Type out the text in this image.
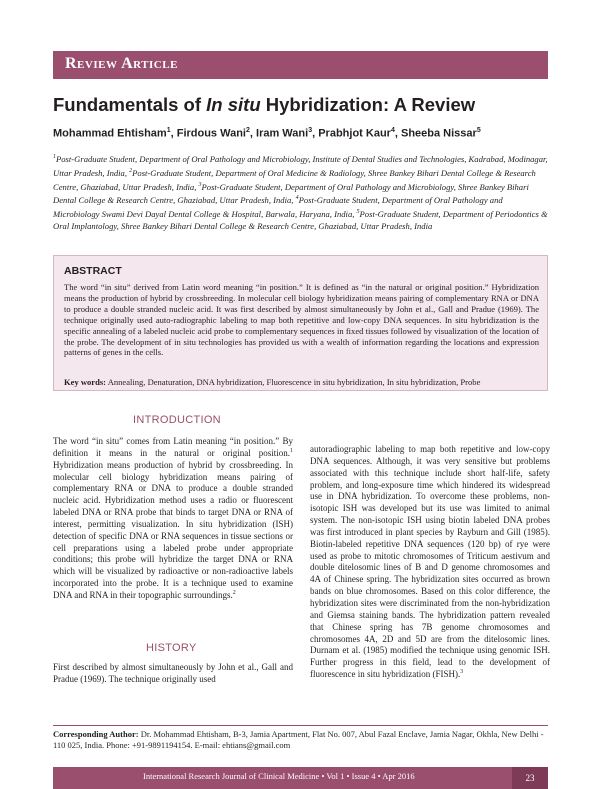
Review Article
Fundamentals of In situ Hybridization: A Review
Mohammad Ehtisham$^1$, Firdous Wani$^2$, Iram Wani$^3$, Prabhjot Kaur$^4$, Sheeba Nissar$^5$
$^1$Post-Graduate Student, Department of Oral Pathology and Microbiology, Institute of Dental Studies and Technologies, Kadrabad, Modinagar, Uttar Pradesh, India, $^2$Post-Graduate Student, Department of Oral Medicine & Radiology, Shree Bankey Bihari Dental College & Research Centre, Ghaziabad, Uttar Pradesh, India, $^3$Post-Graduate Student, Department of Oral Pathology and Microbiology, Shree Bankey Bihari Dental College & Research Centre, Ghaziabad, Uttar Pradesh, India, $^4$Post-Graduate Student, Department of Oral Pathology and Microbiology Swami Devi Dayal Dental College & Hospital, Barwala, Haryana, India, $^5$Post-Graduate Student, Department of Periodontics & Oral Implantology, Shree Bankey Bihari Dental College & Research Centre, Ghaziabad, Uttar Pradesh, India
ABSTRACT
The word “in situ” derived from Latin word meaning “in position.” It is defined as “in the natural or original position.” Hybridization means the production of hybrid by crossbreeding. In molecular cell biology hybridization means pairing of complementary RNA or DNA to produce a double stranded nucleic acid. It was first described by almost simultaneously by John et al., Gall and Pradue (1969). The technique originally used auto-radiographic labeling to map both repetitive and low-copy DNA sequences. In situ hybridization is the specific annealing of a labeled nucleic acid probe to complementary sequences in fixed tissues followed by visualization of the location of the probe. The development of in situ technologies has provided us with a wealth of information regarding the locations and expression patterns of genes in the cells.
Key words: Annealing, Denaturation, DNA hybridization, Fluorescence in situ hybridization, In situ hybridization, Probe
INTRODUCTION

The word “in situ” comes from Latin meaning “in position.” By definition it means in the natural or original position.$^1$ Hybridization means production of hybrid by crossbreeding. In molecular cell biology hybridization means pairing of complementary RNA or DNA to produce a double stranded nucleic acid. Hybridization method uses a radio or fluorescent labeled DNA or RNA probe that binds to target DNA or RNA of interest, permitting visualization. In situ hybridization (ISH) detection of specific DNA or RNA sequences in tissue sections or cell preparations using a labeled probe under appropriate conditions; this probe will hybridize the target DNA or RNA which will be visualized by radioactive or non-radioactive labels incorporated into the probe. It is a technique used to examine DNA and RNA in their topographic surroundings.$^2$

HISTORY
First described by almost simultaneously by John et al., Gall and Pradue (1969). The technique originally used
autoradiographic labeling to map both repetitive and low-copy DNA sequences. Although, it was very sensitive but problems associated with this technique include short half-life, safety problem, and long-exposure time which hindered its widespread use in DNA hybridization. To overcome these problems, non-isotopic ISH was developed but its use was limited to animal system. The non-isotopic ISH using biotin labeled DNA probes was first introduced in plant species by Rayburn and Gill (1985). Biotin-labeled repetitive DNA sequences (120 bp) of rye were used as probe to mitotic chromosomes of Triticum aestivum and double ditelosomic lines of B and D genome chromosomes and 4A of Chinese spring. The hybridization sites occurred as brown bands on blue chromosomes. Based on this color difference, the hybridization sites were discriminated from the non-hybridization and Giemsa staining bands. The hybridization pattern revealed that Chinese spring has 7B genome chromosomes and chromosomes 4A, 2D and 5D are from the ditelosomic lines. Durnam et al. (1985) modified the technique using genomic ISH. Further progress in this field, lead to the development of fluorescence in situ hybridization (FISH).$^3$
Corresponding Author: Dr. Mohammad Ehtisham, B-3, Jamia Apartment, Flat No. 007, Abul Fazal Enclave, Jamia Nagar, Okhla, New Delhi - 110 025, India. Phone: +91-9891194154. E-mail: ehtians@gmail.com
International Research Journal of Clinical Medicine • Vol 1 • Issue 4 • Apr 2016	23
